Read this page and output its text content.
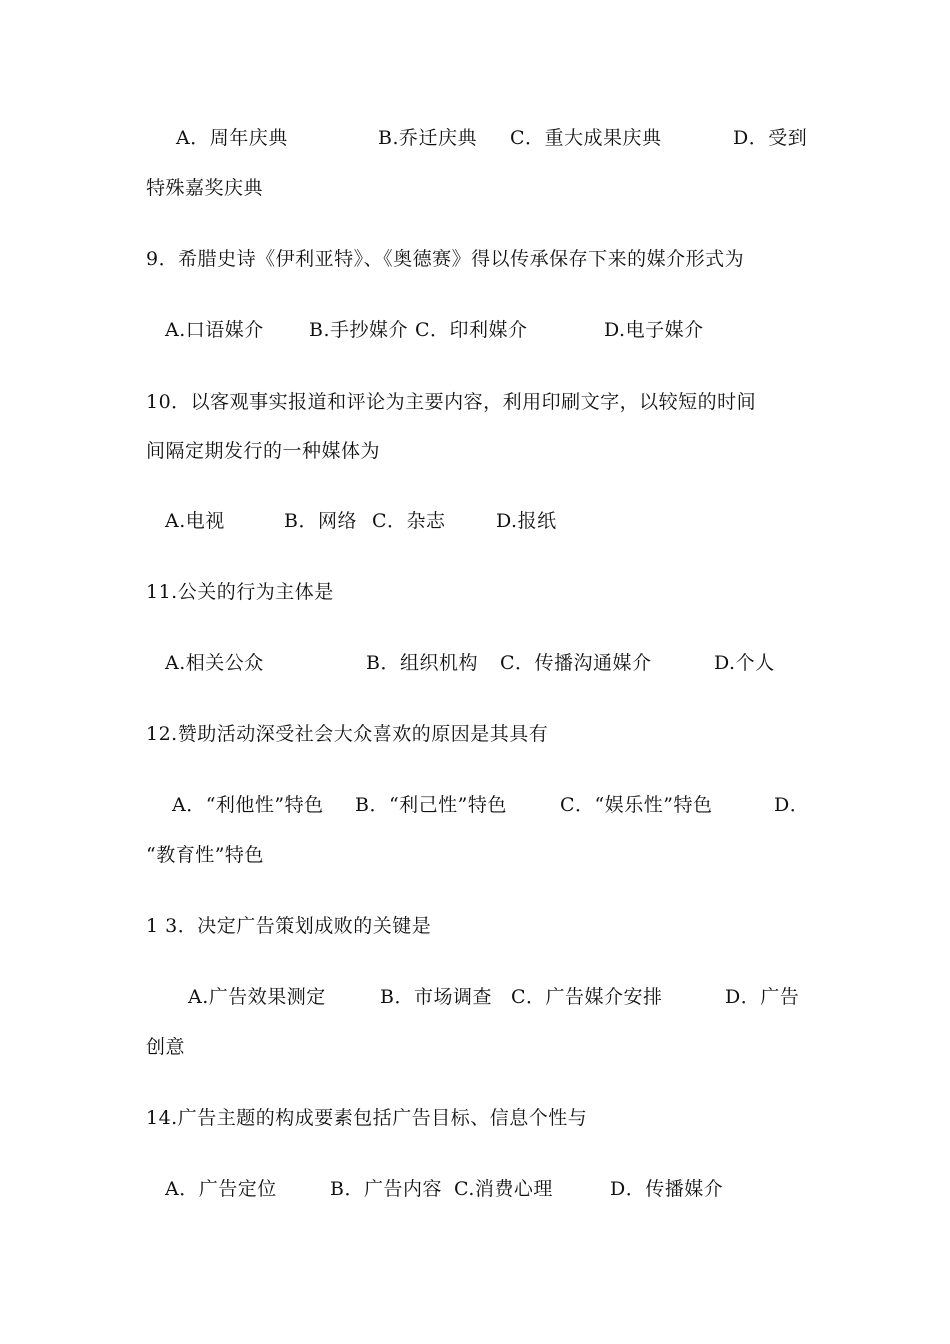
A．周年庆典	B.乔迁庆典 C．重大成果庆典	D．受到
特殊嘉奖庆典
9．希腊史诗《伊利亚特》、《奥德赛》得以传承保存下来的媒介形式为
A.口语媒介 B.手抄媒介 C．印利媒介	D.电子媒介
10．以客观事实报道和评论为主要内容，利用印刷文字，以较短的时间
间隔定期发行的一种媒体为
A.电视	B．网络 C．杂志	D.报纸
11.公关的行为主体是
A.相关公众	B．组织机构 C．传播沟通媒介	D.个人
12.赞助活动深受社会大众喜欢的原因是其具有
A．“利他性”特色 B．“利己性”特色	C．“娱乐性”特色	D．
“教育性”特色
1 3．决定广告策划成败的关键是
A.广告效果测定	B．市场调查 C．广告媒介安排	D．广告
创意
14.广告主题的构成要素包括广告目标、信息个性与
A．广告定位	B．广告内容 C.消费心理	D．传播媒介
